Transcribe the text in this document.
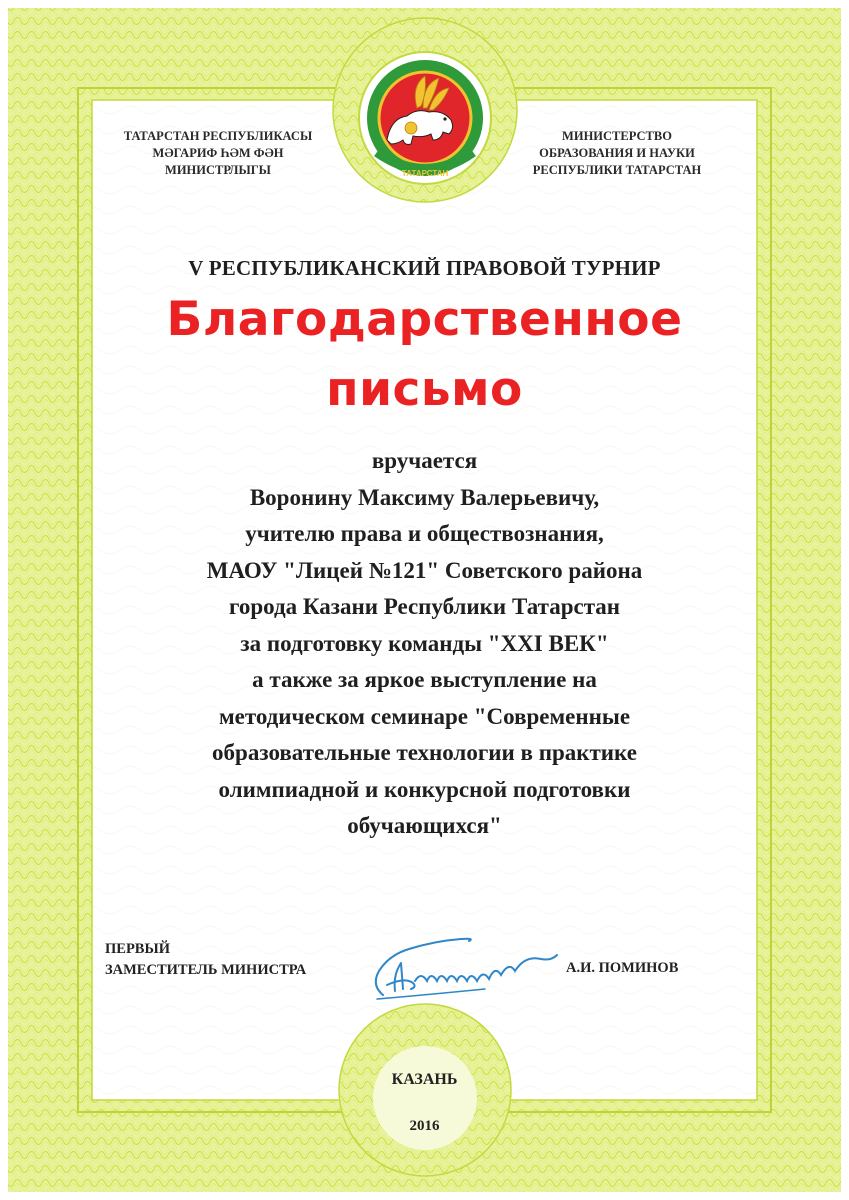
ТАТАРСТАН
ТАТАРСТАН РЕСПУБЛИКАСЫ
МӘГАРИФ ҺӘМ ФӘН
МИНИСТРЛЫГЫ
МИНИСТЕРСТВО
ОБРАЗОВАНИЯ И НАУКИ
РЕСПУБЛИКИ ТАТАРСТАН
V РЕСПУБЛИКАНСКИЙ ПРАВОВОЙ ТУРНИР
Благодарственное
письмо
вручается
Воронину Максиму Валерьевичу,
учителю права и обществознания,
МАОУ "Лицей №121" Советского района
города Казани Республики Татарстан
за подготовку команды "XXI ВЕК"
а также за яркое выступление на
методическом семинаре "Современные
образовательные технологии в практике
олимпиадной и конкурсной подготовки
обучающихся"
ПЕРВЫЙ
ЗАМЕСТИТЕЛЬ МИНИСТРА	А.И. ПОМИНОВ
КАЗАНЬ
2016
